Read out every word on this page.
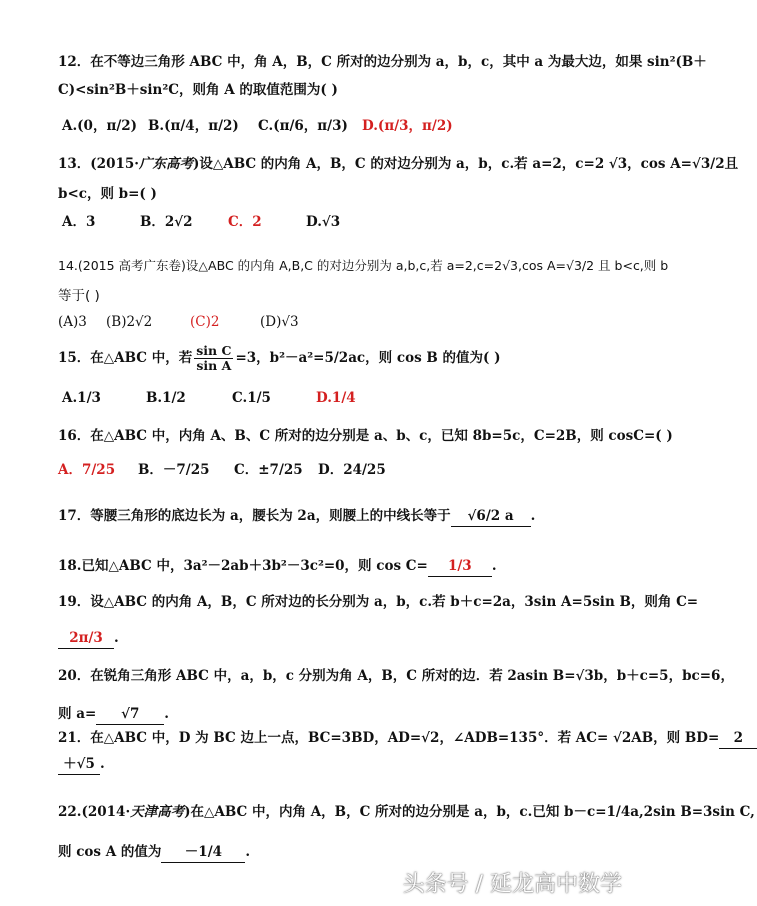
12．在不等边三角形 ABC 中，角 A，B，C 所对的边分别为 a，b，c，其中 a 为最大边，如果 sin²(B＋
C)<sin²B＋sin²C，则角 A 的取值范围为( )
A.(0，π/2) B.(π/4，π/2) C.(π/6，π/3) D.(π/3，π/2)
13．(2015·广东高考)设△ABC 的内角 A，B，C 的对边分别为 a，b，c.若 a=2，c=2 √3，cos A=√3/2且
b<c，则 b=( )
A．3	B．2√2	C．2	D.√3
14.(2015 高考广东卷)设△ABC 的内角 A,B,C 的对边分别为 a,b,c,若 a=2,c=2√3,cos A=√3/2 且 b<c,则 b
等于( )
(A)3 (B)2√2	(C)2	(D)√3
15．在△ABC 中，若 $\frac{\text{sin C}}{\text{sin A}} =3$，b²－a²=5/2ac，则 cos B 的值为( )
A.1/3	B.1/2	C.1/5	D.1/4
16．在△ABC 中，内角 A、B、C 所对的边分别是 a、b、c，已知 8b=5c，C=2B，则 cosC=( )
A．7/25 B．－7/25 C．±7/25 D．24/25
17．等腰三角形的底边长为 a，腰长为 2a，则腰上的中线长等于 √6/2 a .
18.已知△ABC 中，3a²－2ab＋3b²－3c²=0，则 cos C= 1/3 .
19．设△ABC 的内角 A，B，C 所对边的长分别为 a，b，c.若 b＋c=2a，3sin A=5sin B，则角 C=
2π/3 .
20．在锐角三角形 ABC 中，a，b，c 分别为角 A，B，C 所对的边．若 2asin B=√3b，b＋c=5，bc=6，
则 a= √7 .
21．在△ABC 中，D 为 BC 边上一点，BC=3BD，AD=√2，∠ADB=135°．若 AC= √2AB，则 BD= 2
＋√5 .
22.(2014·天津高考)在△ABC 中，内角 A，B，C 所对的边分别是 a，b，c.已知 b－c=1/4a,2sin B=3sin C,
则 cos A 的值为 －1/4 .
头条号 / 延龙高中数学
